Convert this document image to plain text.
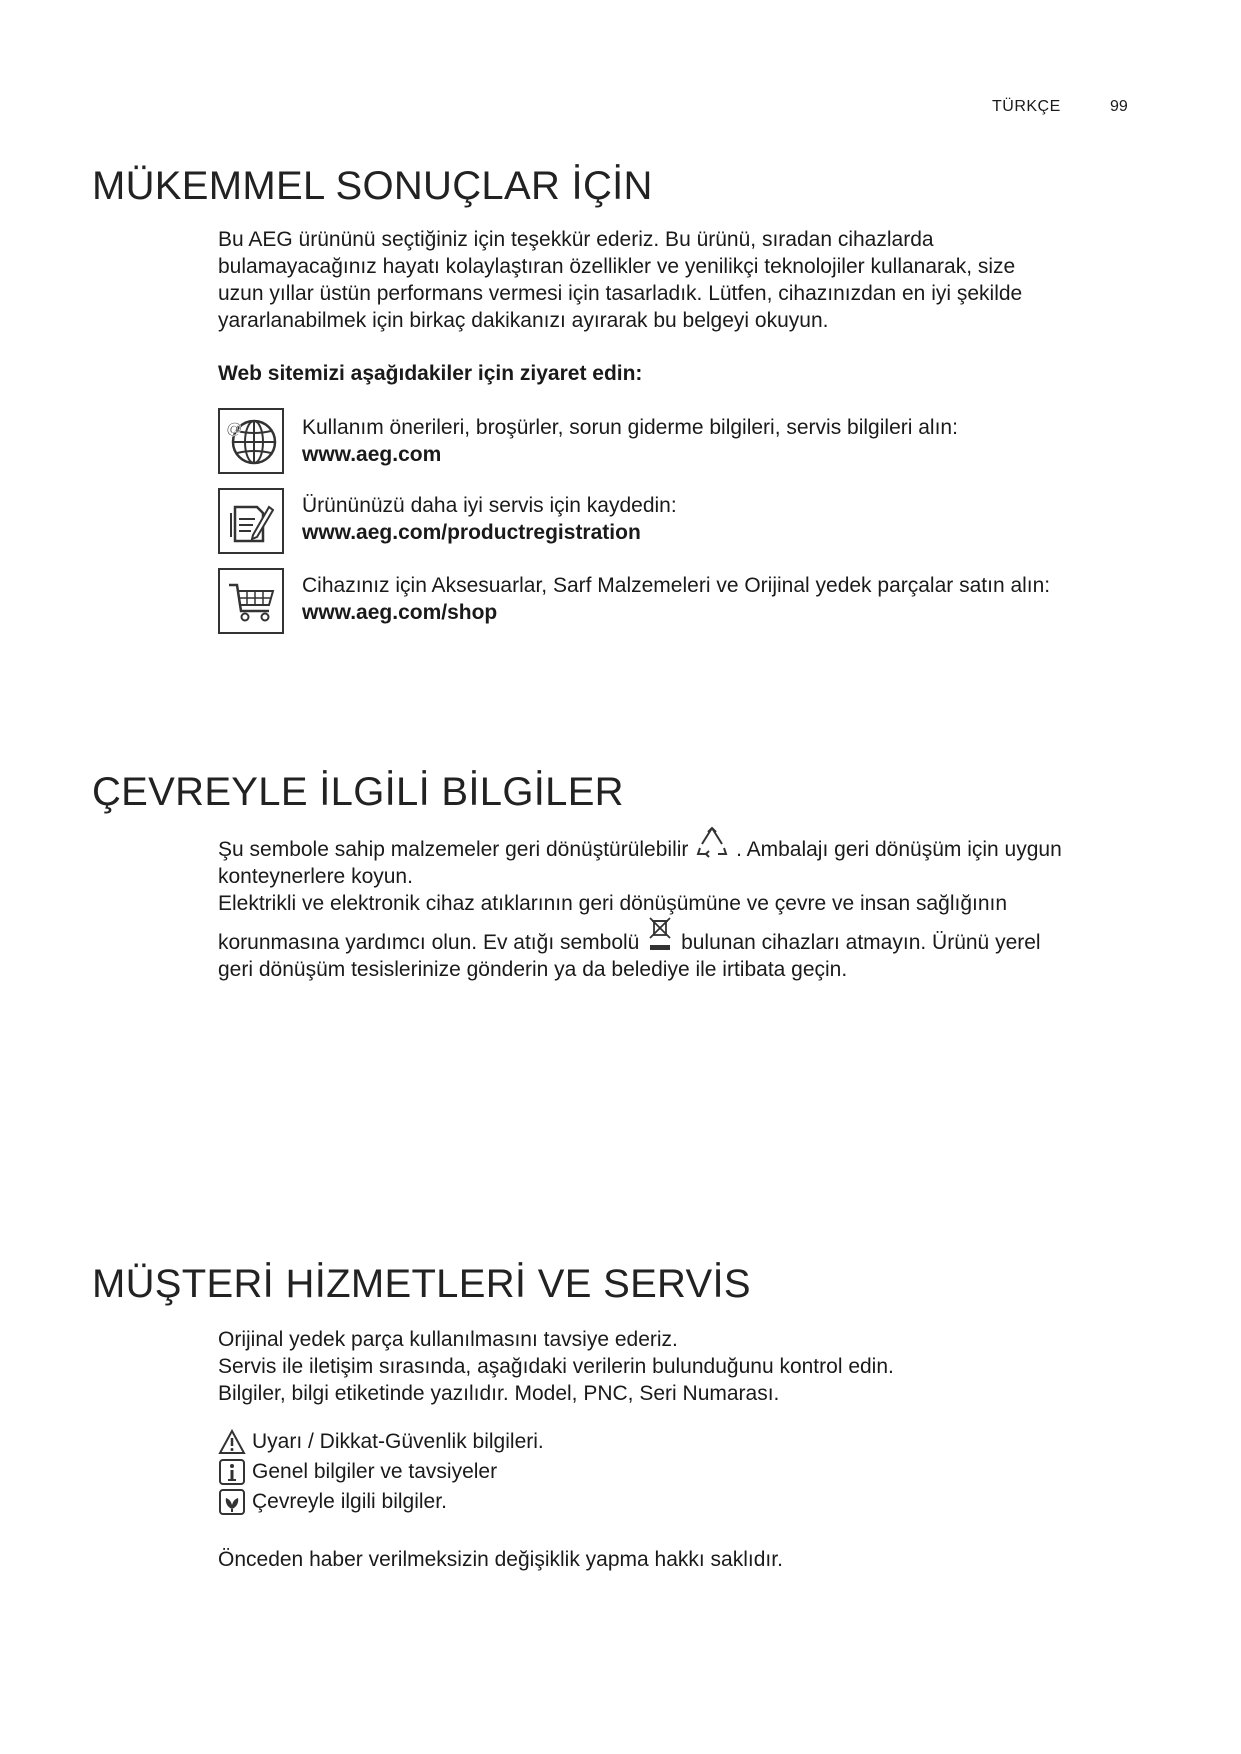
TÜRKÇE	99
MÜKEMMEL SONUÇLAR İÇİN
Bu AEG ürününü seçtiğiniz için teşekkür ederiz. Bu ürünü, sıradan cihazlarda
bulamayacağınız hayatı kolaylaştıran özellikler ve yenilikçi teknolojiler kullanarak, size
uzun yıllar üstün performans vermesi için tasarladık. Lütfen, cihazınızdan en iyi şekilde
yararlanabilmek için birkaç dakikanızı ayırarak bu belgeyi okuyun.
Web sitemizi aşağıdakiler için ziyaret edin:
@	Kullanım önerileri, broşürler, sorun giderme bilgileri, servis bilgileri alın:
www.aeg.com
Ürününüzü daha iyi servis için kaydedin:
www.aeg.com/productregistration
Cihazınız için Aksesuarlar, Sarf Malzemeleri ve Orijinal yedek parçalar satın alın:
www.aeg.com/shop
ÇEVREYLE İLGİLİ BİLGİLER
Şu sembole sahip malzemeler geri dönüştürülebilir . Ambalajı geri dönüşüm için uygun
konteynerlere koyun.
Elektrikli ve elektronik cihaz atıklarının geri dönüşümüne ve çevre ve insan sağlığının
korunmasına yardımcı olun. Ev atığı sembolü bulunan cihazları atmayın. Ürünü yerel
geri dönüşüm tesislerinize gönderin ya da belediye ile irtibata geçin.
MÜŞTERİ HİZMETLERİ VE SERVİS
Orijinal yedek parça kullanılmasını tavsiye ederiz.
Servis ile iletişim sırasında, aşağıdaki verilerin bulunduğunu kontrol edin.
Bilgiler, bilgi etiketinde yazılıdır. Model, PNC, Seri Numarası.
Uyarı / Dikkat-Güvenlik bilgileri.
Genel bilgiler ve tavsiyeler
Çevreyle ilgili bilgiler.
Önceden haber verilmeksizin değişiklik yapma hakkı saklıdır.
